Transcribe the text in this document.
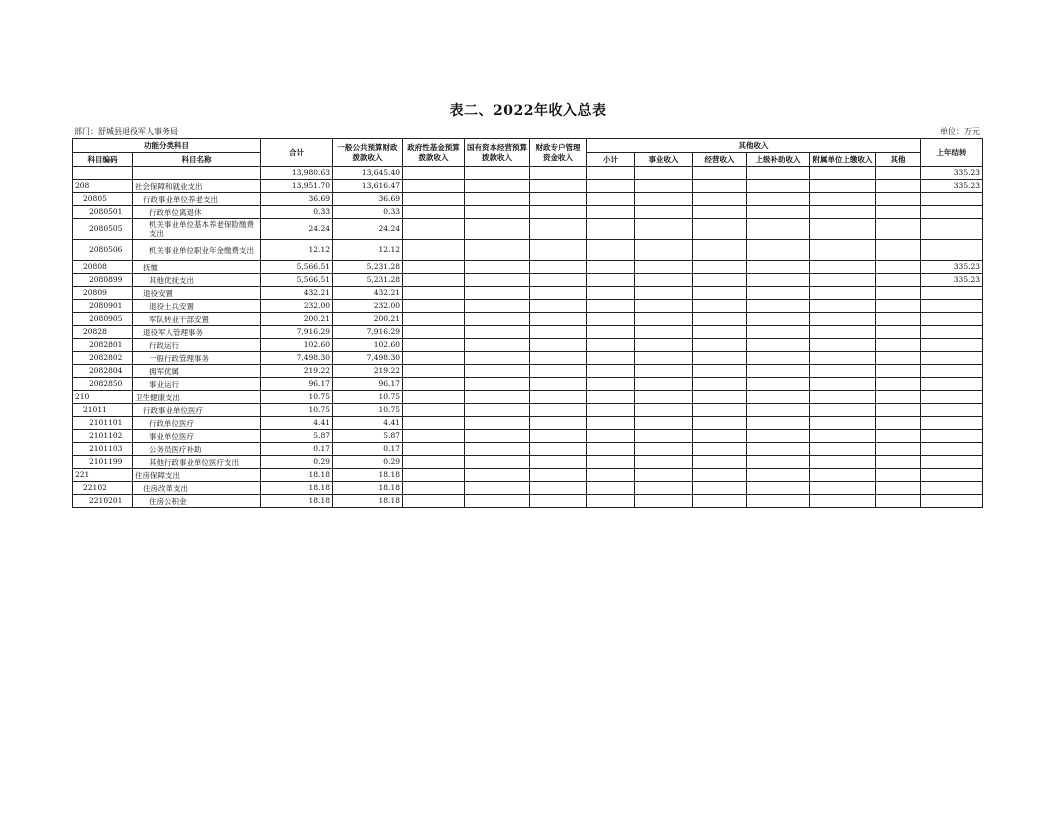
表二、2022年收入总表
部门：舒城县退役军人事务局	单位：万元
功能分类科目		合计	一般公共预算财政拨款收入	政府性基金预算拨款收入	国有资本经营预算拨款收入	财政专户管理资金收入	其他收入						上年结转
科目编码	科目名称						小计	事业收入	经营收入	上级补助收入	附属单位上缴收入	其他	
		13,980.63	13,645.40										335.23
208	社会保障和就业支出	13,951.70	13,616.47										335.23
20805	行政事业单位养老支出	36.69	36.69										
2080501	行政单位离退休	0.33	0.33										
2080505	机关事业单位基本养老保险缴费支出	24.24	24.24										
2080506	机关事业单位职业年金缴费支出	12.12	12.12										
20808	抚恤	5,566.51	5,231.28										335.23
2080899	其他优抚支出	5,566.51	5,231.28										335.23
20809	退役安置	432.21	432.21										
2080901	退役士兵安置	232.00	232.00										
2080905	军队转业干部安置	200.21	200.21										
20828	退役军人管理事务	7,916.29	7,916.29										
2082801	行政运行	102.60	102.60										
2082802	一般行政管理事务	7,498.30	7,498.30										
2082804	拥军优属	219.22	219.22										
2082850	事业运行	96.17	96.17										
210	卫生健康支出	10.75	10.75										
21011	行政事业单位医疗	10.75	10.75										
2101101	行政单位医疗	4.41	4.41										
2101102	事业单位医疗	5.87	5.87										
2101103	公务员医疗补助	0.17	0.17										
2101199	其他行政事业单位医疗支出	0.29	0.29										
221	住房保障支出	18.18	18.18										
22102	住房改革支出	18.18	18.18										
2210201	住房公积金	18.18	18.18										
